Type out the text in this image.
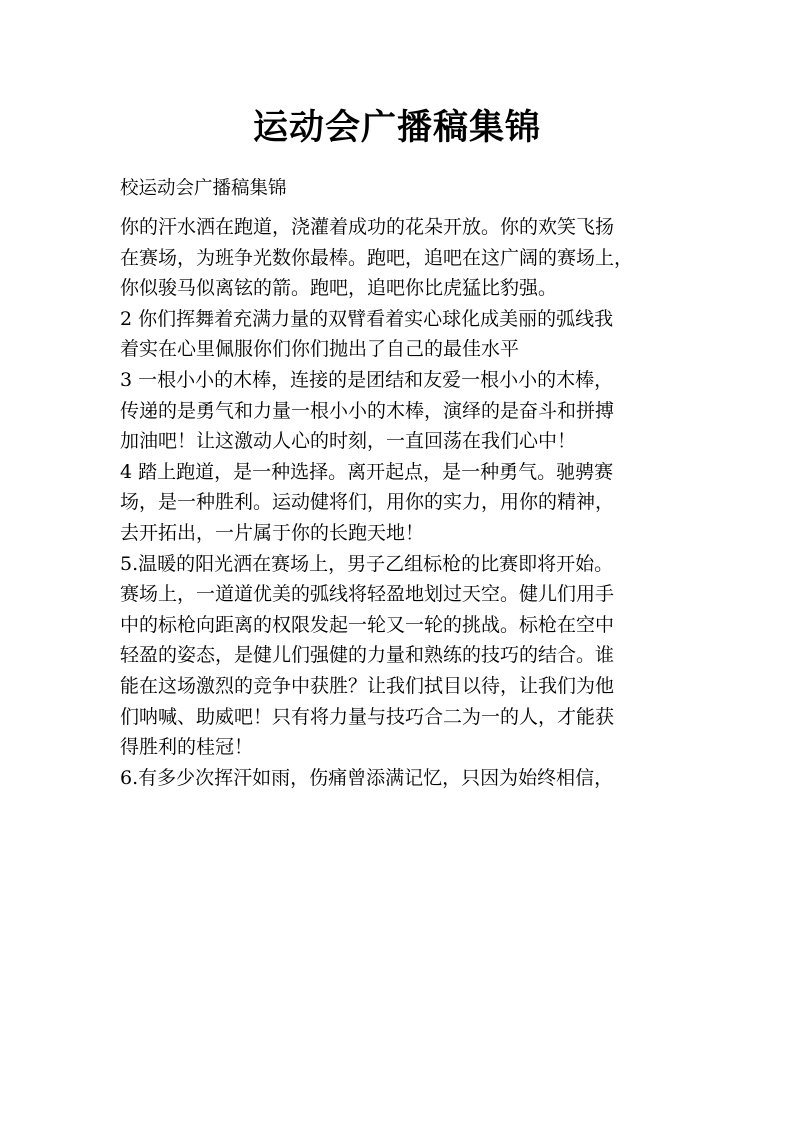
运动会广播稿集锦
校运动会广播稿集锦
你的汗水洒在跑道，浇灌着成功的花朵开放。你的欢笑飞扬
在赛场，为班争光数你最棒。跑吧，追吧在这广阔的赛场上，
你似骏马似离铉的箭。跑吧，追吧你比虎猛比豹强。
2 你们挥舞着充满力量的双臂看着实心球化成美丽的弧线我
着实在心里佩服你们你们抛出了自己的最佳水平
3 一根小小的木棒，连接的是团结和友爱一根小小的木棒，
传递的是勇气和力量一根小小的木棒，演绎的是奋斗和拼搏
加油吧！让这激动人心的时刻，一直回荡在我们心中！
4 踏上跑道，是一种选择。离开起点，是一种勇气。驰骋赛
场，是一种胜利。运动健将们，用你的实力，用你的精神，
去开拓出，一片属于你的长跑天地！
5.温暖的阳光洒在赛场上，男子乙组标枪的比赛即将开始。
赛场上，一道道优美的弧线将轻盈地划过天空。健儿们用手
中的标枪向距离的权限发起一轮又一轮的挑战。标枪在空中
轻盈的姿态，是健儿们强健的力量和熟练的技巧的结合。谁
能在这场激烈的竞争中获胜？让我们拭目以待，让我们为他
们呐喊、助威吧！只有将力量与技巧合二为一的人，才能获
得胜利的桂冠！
6.有多少次挥汗如雨，伤痛曾添满记忆，只因为始终相信，
